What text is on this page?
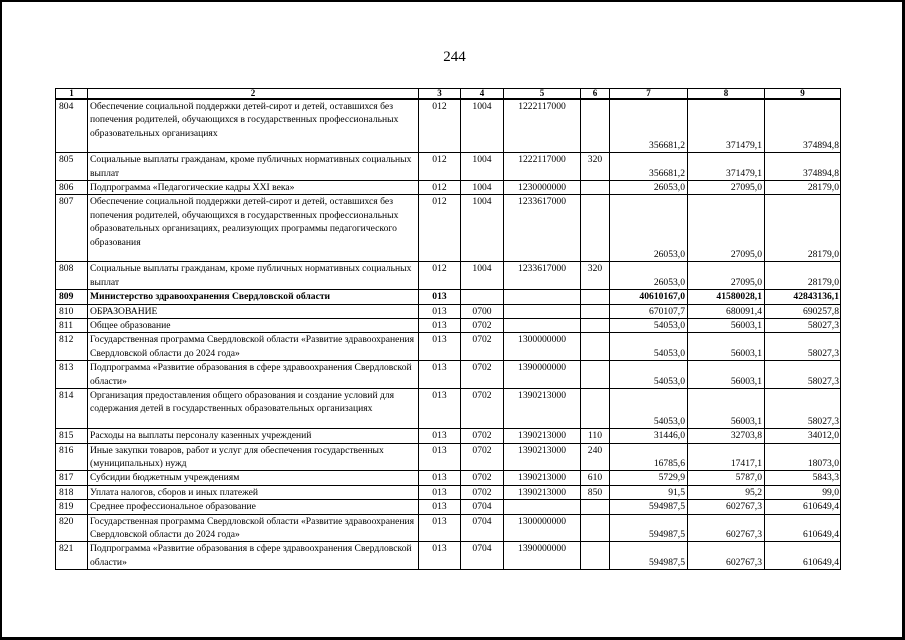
244
1	2	3	4	5	6	7	8	9
804	Обеспечение социальной поддержки детей-сирот и детей, оставшихся без попечения родителей, обучающихся в государственных профессиональных образовательных организациях	012	1004	1222117000		356681,2	371479,1	374894,8
805	Социальные выплаты гражданам, кроме публичных нормативных социальных выплат	012	1004	1222117000	320	356681,2	371479,1	374894,8
806	Подпрограмма «Педагогические кадры XXI века»	012	1004	1230000000		26053,0	27095,0	28179,0
807	Обеспечение социальной поддержки детей-сирот и детей, оставшихся без попечения родителей, обучающихся в государственных профессиональных образовательных организациях, реализующих программы педагогического образования	012	1004	1233617000		26053,0	27095,0	28179,0
808	Социальные выплаты гражданам, кроме публичных нормативных социальных выплат	012	1004	1233617000	320	26053,0	27095,0	28179,0
809	Министерство здравоохранения Свердловской области	013				40610167,0	41580028,1	42843136,1
810	ОБРАЗОВАНИЕ	013	0700			670107,7	680091,4	690257,8
811	Общее образование	013	0702			54053,0	56003,1	58027,3
812	Государственная программа Свердловской области «Развитие здравоохранения Свердловской области до 2024 года»	013	0702	1300000000		54053,0	56003,1	58027,3
813	Подпрограмма «Развитие образования в сфере здравоохранения Свердловской области»	013	0702	1390000000		54053,0	56003,1	58027,3
814	Организация предоставления общего образования и создание условий для содержания детей в государственных образовательных организациях	013	0702	1390213000		54053,0	56003,1	58027,3
815	Расходы на выплаты персоналу казенных учреждений	013	0702	1390213000	110	31446,0	32703,8	34012,0
816	Иные закупки товаров, работ и услуг для обеспечения государственных (муниципальных) нужд	013	0702	1390213000	240	16785,6	17417,1	18073,0
817	Субсидии бюджетным учреждениям	013	0702	1390213000	610	5729,9	5787,0	5843,3
818	Уплата налогов, сборов и иных платежей	013	0702	1390213000	850	91,5	95,2	99,0
819	Среднее профессиональное образование	013	0704			594987,5	602767,3	610649,4
820	Государственная программа Свердловской области «Развитие здравоохранения Свердловской области до 2024 года»	013	0704	1300000000		594987,5	602767,3	610649,4
821	Подпрограмма «Развитие образования в сфере здравоохранения Свердловской области»	013	0704	1390000000		594987,5	602767,3	610649,4
